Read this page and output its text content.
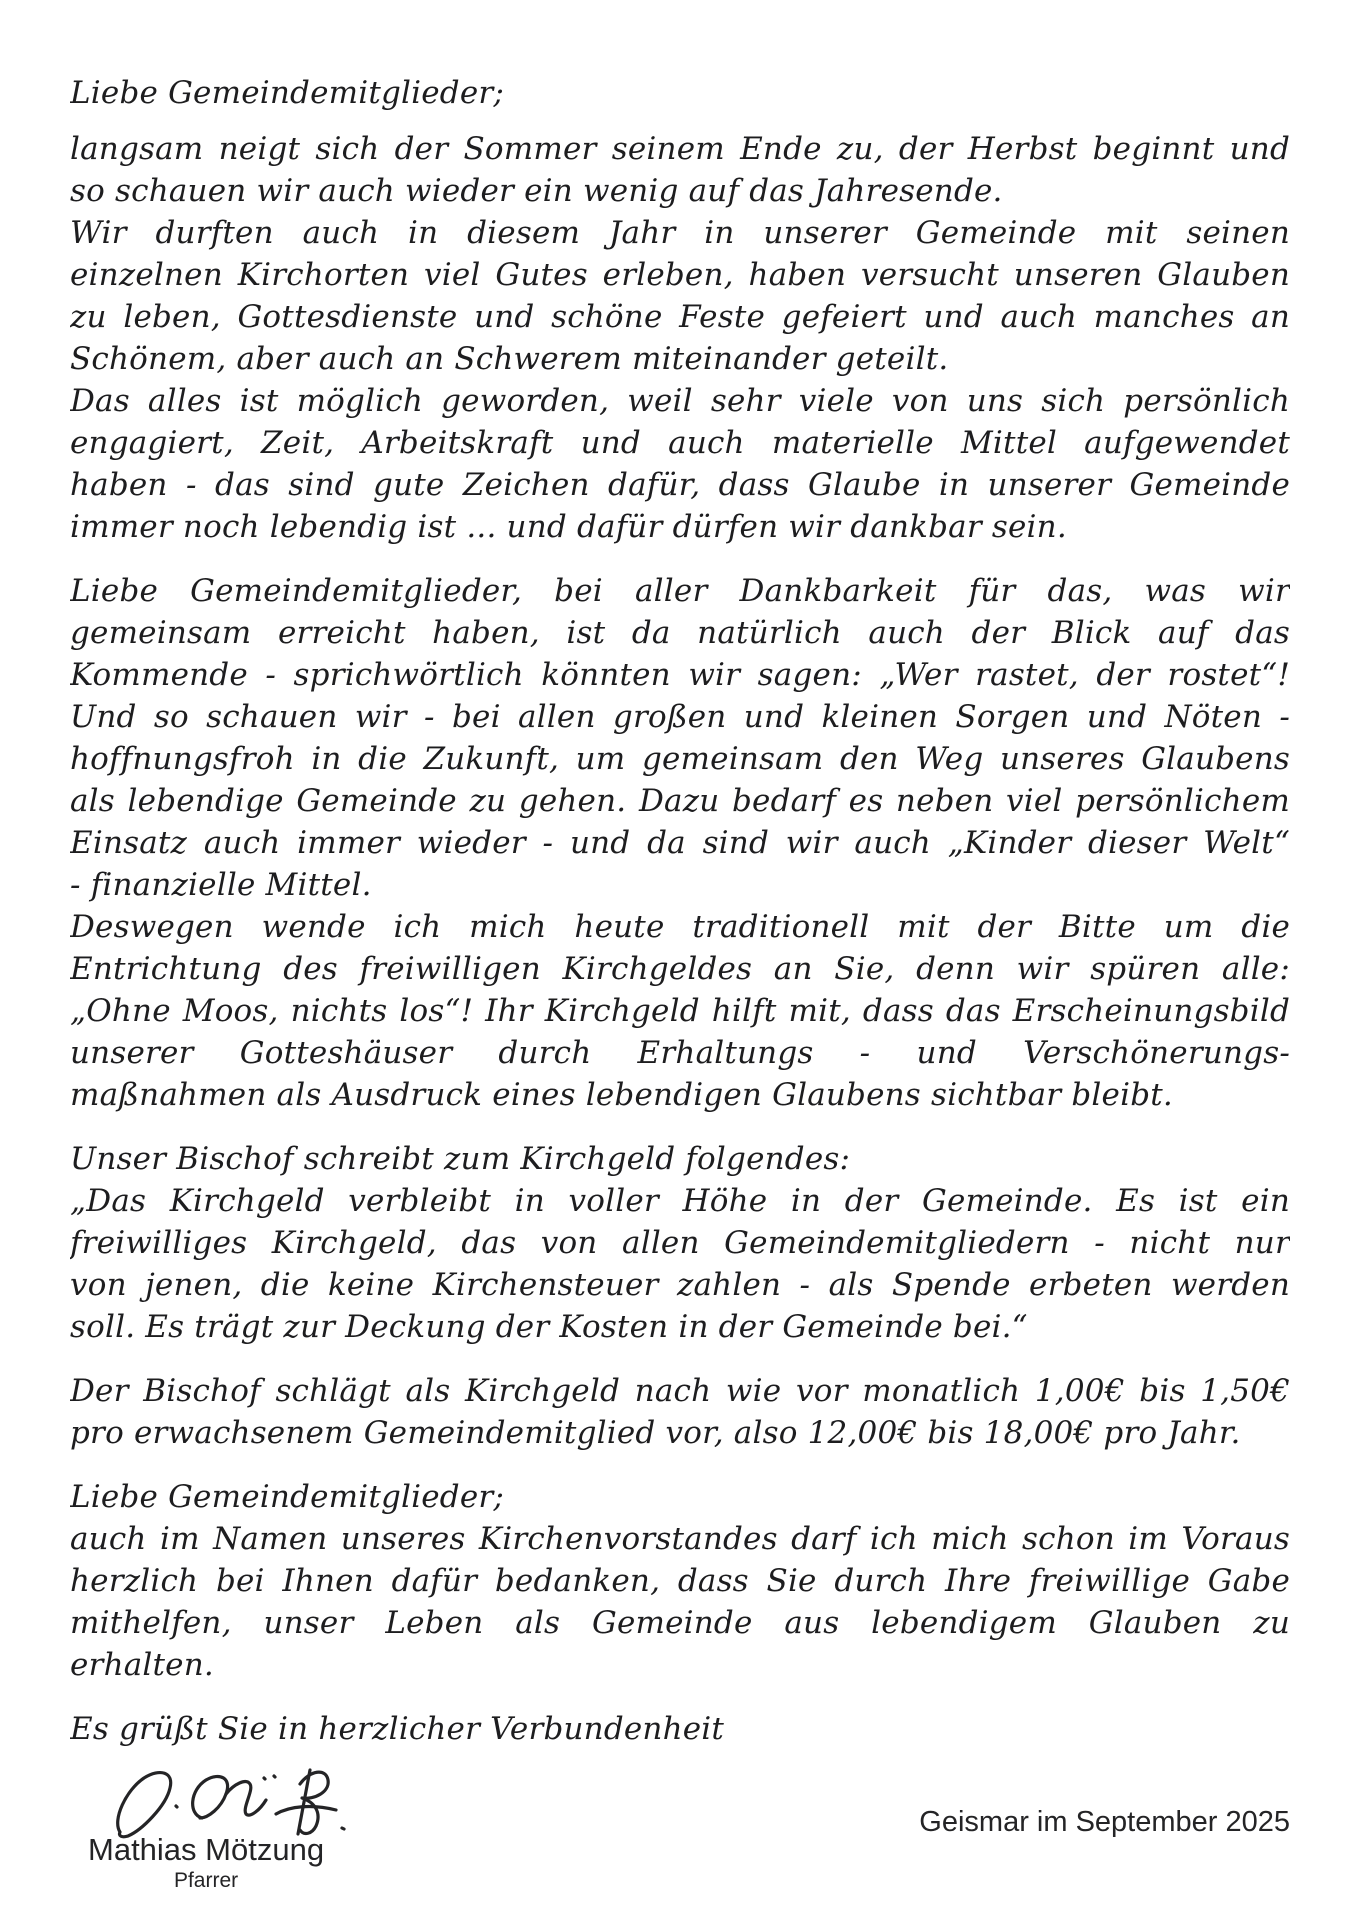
Liebe Gemeindemitglieder;
langsam neigt sich der Sommer seinem Ende zu, der Herbst beginnt und
so schauen wir auch wieder ein wenig auf das Jahresende.
Wir durften auch in diesem Jahr in unserer Gemeinde mit seinen
einzelnen Kirchorten viel Gutes erleben, haben versucht unseren Glauben
zu leben, Gottesdienste und schöne Feste gefeiert und auch manches an
Schönem, aber auch an Schwerem miteinander geteilt.
Das alles ist möglich geworden, weil sehr viele von uns sich persönlich
engagiert, Zeit, Arbeitskraft und auch materielle Mittel aufgewendet
haben - das sind gute Zeichen dafür, dass Glaube in unserer Gemeinde
immer noch lebendig ist ... und dafür dürfen wir dankbar sein.
Liebe Gemeindemitglieder, bei aller Dankbarkeit für das, was wir
gemeinsam erreicht haben, ist da natürlich auch der Blick auf das
Kommende - sprichwörtlich könnten wir sagen: „Wer rastet, der rostet“!
Und so schauen wir - bei allen großen und kleinen Sorgen und Nöten -
hoffnungsfroh in die Zukunft, um gemeinsam den Weg unseres Glaubens
als lebendige Gemeinde zu gehen. Dazu bedarf es neben viel persönlichem
Einsatz auch immer wieder - und da sind wir auch „Kinder dieser Welt“
- finanzielle Mittel.
Deswegen wende ich mich heute traditionell mit der Bitte um die
Entrichtung des freiwilligen Kirchgeldes an Sie, denn wir spüren alle:
„Ohne Moos, nichts los“! Ihr Kirchgeld hilft mit, dass das Erscheinungsbild
unserer Gotteshäuser durch Erhaltungs - und Verschönerungs-
maßnahmen als Ausdruck eines lebendigen Glaubens sichtbar bleibt.
Unser Bischof schreibt zum Kirchgeld folgendes:
„Das Kirchgeld verbleibt in voller Höhe in der Gemeinde. Es ist ein
freiwilliges Kirchgeld, das von allen Gemeindemitgliedern - nicht nur
von jenen, die keine Kirchensteuer zahlen - als Spende erbeten werden
soll. Es trägt zur Deckung der Kosten in der Gemeinde bei.“
Der Bischof schlägt als Kirchgeld nach wie vor monatlich 1,00€ bis 1,50€
pro erwachsenem Gemeindemitglied vor, also 12,00€ bis 18,00€ pro Jahr.
Liebe Gemeindemitglieder;
auch im Namen unseres Kirchenvorstandes darf ich mich schon im Voraus
herzlich bei Ihnen dafür bedanken, dass Sie durch Ihre freiwillige Gabe
mithelfen, unser Leben als Gemeinde aus lebendigem Glauben zu
erhalten.
Es grüßt Sie in herzlicher Verbundenheit
Mathias Mötzung
Pfarrer
Geismar im September 2025
